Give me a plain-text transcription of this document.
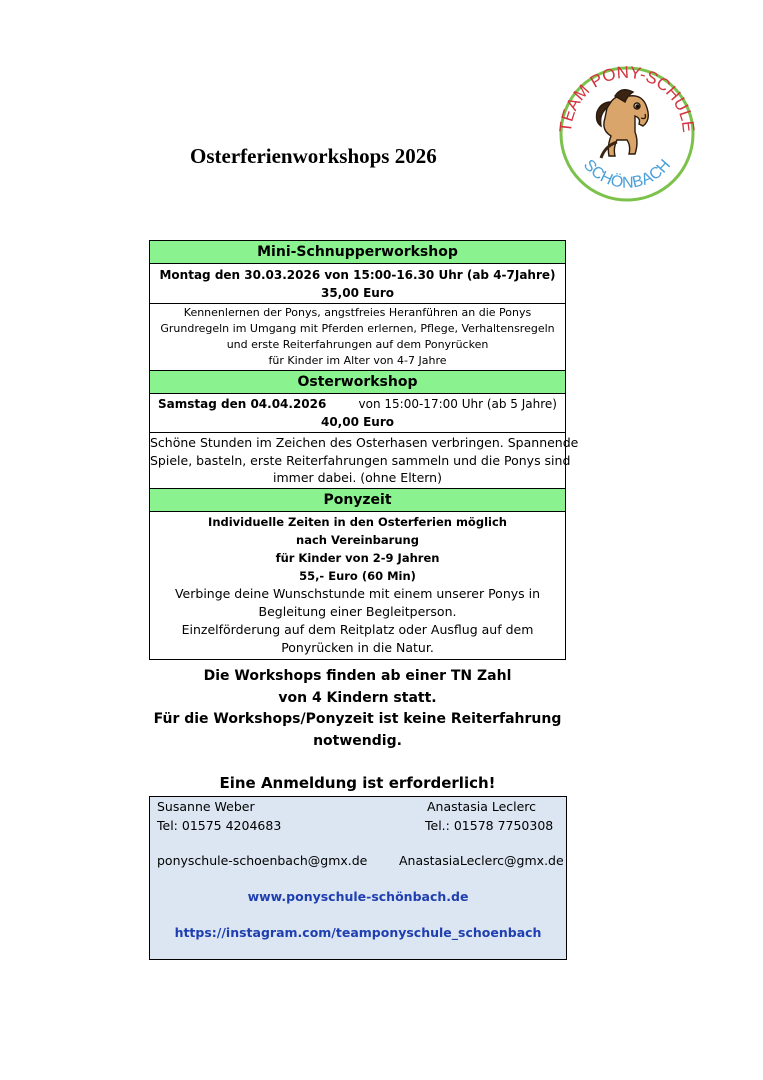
Osterferienworkshops 2026
TEAM PONY-SCHULE
SCHÖNBACH
Mini-Schnupperworkshop
Montag den 30.03.2026 von 15:00-16.30 Uhr (ab 4-7Jahre)
35,00 Euro
Kennenlernen der Ponys, angstfreies Heranführen an die Ponys
Grundregeln im Umgang mit Pferden erlernen, Pflege, Verhaltensregeln
und erste Reiterfahrungen auf dem Ponyrücken
für Kinder im Alter von 4-7 Jahre
Osterworkshop
Samstag den 04.04.2026	von 15:00-17:00 Uhr (ab 5 Jahre)
40,00 Euro
Schöne Stunden im Zeichen des Osterhasen verbringen. Spannende
Spiele, basteln, erste Reiterfahrungen sammeln und die Ponys sind
immer dabei. (ohne Eltern)
Ponyzeit
Individuelle Zeiten in den Osterferien möglich
nach Vereinbarung
für Kinder von 2-9 Jahren
55,- Euro (60 Min)
Verbinge deine Wunschstunde mit einem unserer Ponys in
Begleitung einer Begleitperson.
Einzelförderung auf dem Reitplatz oder Ausflug auf dem
Ponyrücken in die Natur.
Die Workshops finden ab einer TN Zahl
von 4 Kindern statt.
Für die Workshops/Ponyzeit ist keine Reiterfahrung
notwendig.
Eine Anmeldung ist erforderlich!
Susanne Weber
Tel: 01575 4204683
ponyschule-schoenbach@gmx.de
Anastasia Leclerc
Tel.: 01578 7750308
AnastasiaLeclerc@gmx.de
www.ponyschule-schönbach.de
https://instagram.com/teamponyschule_schoenbach
